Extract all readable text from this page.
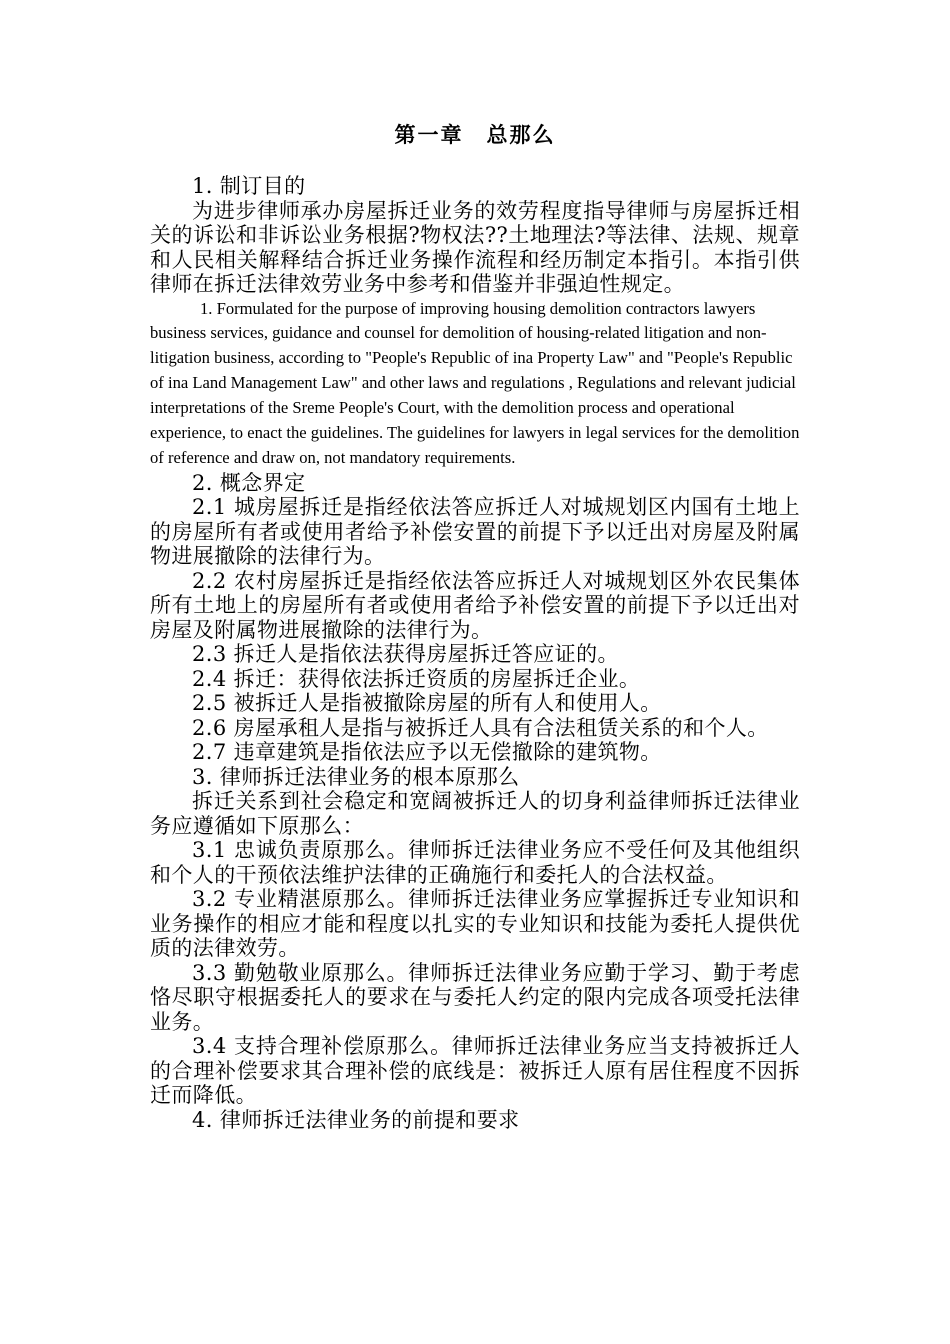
第一章　总那么

1. 制订目的

为进步律师承办房屋拆迁业务的效劳程度指导律师与房屋拆迁相关的诉讼和非诉讼业务根据?物权法??土地理法?等法律、法规、规章和人民相关解释结合拆迁业务操作流程和经历制定本指引。本指引供律师在拆迁法律效劳业务中参考和借鉴并非强迫性规定。

1. Formulated for the purpose of improving housing demolition contractors lawyers business services, guidance and counsel for demolition of housing-related litigation and non-litigation business, according to "People's Republic of ina Property Law" and "People's Republic of ina Land Management Law" and other laws and regulations , Regulations and relevant judicial interpretations of the Sreme People's Court, with the demolition process and operational experience, to enact the guidelines. The guidelines for lawyers in legal services for the demolition of reference and draw on, not mandatory requirements.

2. 概念界定

2.1 城房屋拆迁是指经依法答应拆迁人对城规划区内国有土地上的房屋所有者或使用者给予补偿安置的前提下予以迁出对房屋及附属物进展撤除的法律行为。

2.2 农村房屋拆迁是指经依法答应拆迁人对城规划区外农民集体所有土地上的房屋所有者或使用者给予补偿安置的前提下予以迁出对房屋及附属物进展撤除的法律行为。

2.3 拆迁人是指依法获得房屋拆迁答应证的。

2.4 拆迁：获得依法拆迁资质的房屋拆迁企业。

2.5 被拆迁人是指被撤除房屋的所有人和使用人。

2.6 房屋承租人是指与被拆迁人具有合法租赁关系的和个人。

2.7 违章建筑是指依法应予以无偿撤除的建筑物。

3. 律师拆迁法律业务的根本原那么

拆迁关系到社会稳定和宽阔被拆迁人的切身利益律师拆迁法律业务应遵循如下原那么：

3.1 忠诚负责原那么。律师拆迁法律业务应不受任何及其他组织和个人的干预依法维护法律的正确施行和委托人的合法权益。

3.2 专业精湛原那么。律师拆迁法律业务应掌握拆迁专业知识和业务操作的相应才能和程度以扎实的专业知识和技能为委托人提供优质的法律效劳。

3.3 勤勉敬业原那么。律师拆迁法律业务应勤于学习、勤于考虑恪尽职守根据委托人的要求在与委托人约定的限内完成各项受托法律业务。

3.4 支持合理补偿原那么。律师拆迁法律业务应当支持被拆迁人的合理补偿要求其合理补偿的底线是：被拆迁人原有居住程度不因拆迁而降低。

4. 律师拆迁法律业务的前提和要求
